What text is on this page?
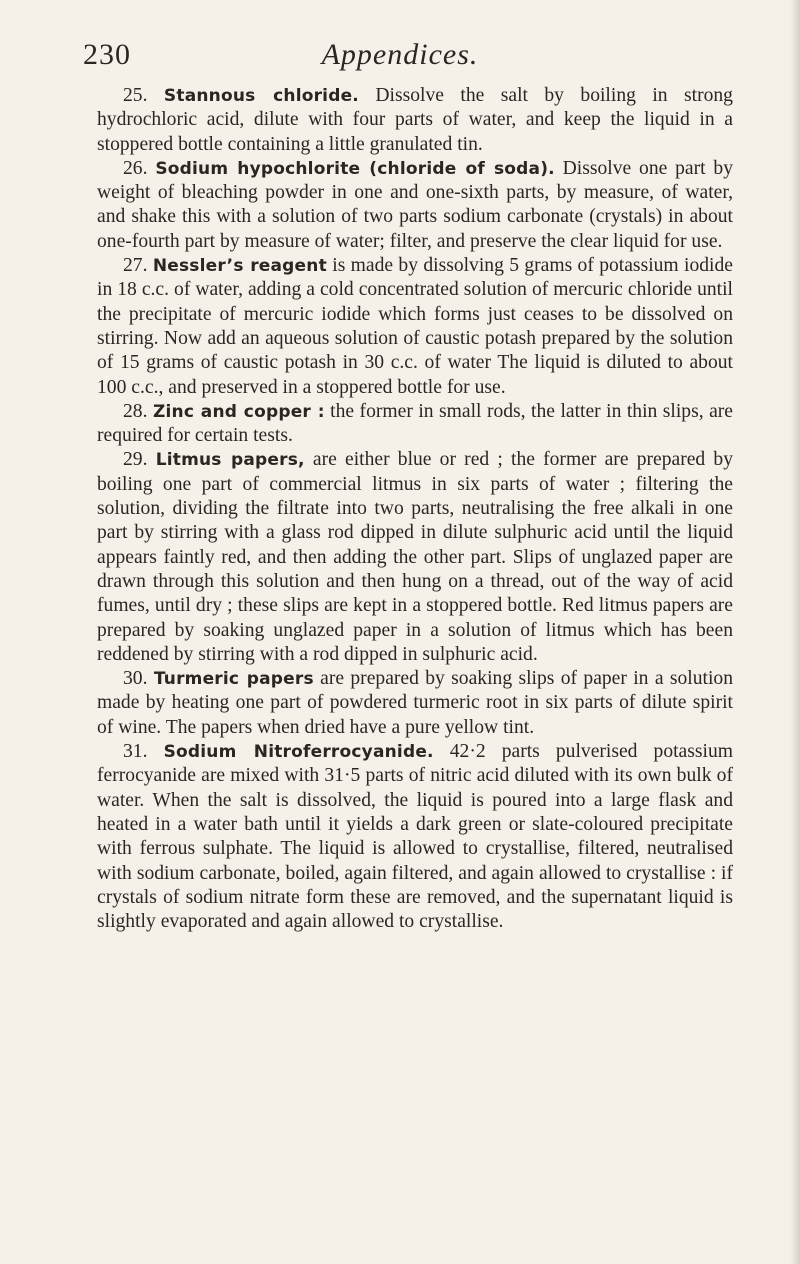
230	Appendices.

25. Stannous chloride. Dissolve the salt by boiling in strong hydrochloric acid, dilute with four parts of water, and keep the liquid in a stoppered bottle containing a little granulated tin.

26. Sodium hypochlorite (chloride of soda). Dissolve one part by weight of bleaching powder in one and one-sixth parts, by measure, of water, and shake this with a solution of two parts sodium carbonate (crystals) in about one-fourth part by measure of water; filter, and preserve the clear liquid for use.

27. Nessler’s reagent is made by dissolving 5 grams of potassium iodide in 18 c.c. of water, adding a cold concentrated solution of mercuric chloride until the precipitate of mercuric iodide which forms just ceases to be dissolved on stirring. Now add an aqueous solution of caustic potash prepared by the solution of 15 grams of caustic potash in 30 c.c. of water The liquid is diluted to about 100 c.c., and preserved in a stoppered bottle for use.

28. Zinc and copper : the former in small rods, the latter in thin slips, are required for certain tests.

29. Litmus papers, are either blue or red ; the former are prepared by boiling one part of commercial litmus in six parts of water ; filtering the solution, dividing the filtrate into two parts, neutralising the free alkali in one part by stirring with a glass rod dipped in dilute sulphuric acid until the liquid appears faintly red, and then adding the other part. Slips of unglazed paper are drawn through this solution and then hung on a thread, out of the way of acid fumes, until dry ; these slips are kept in a stoppered bottle. Red litmus papers are prepared by soaking unglazed paper in a solution of litmus which has been reddened by stirring with a rod dipped in sulphuric acid.

30. Turmeric papers are prepared by soaking slips of paper in a solution made by heating one part of powdered turmeric root in six parts of dilute spirit of wine. The papers when dried have a pure yellow tint.

31. Sodium Nitroferrocyanide. 42·2 parts pulverised potassium ferrocyanide are mixed with 31·5 parts of nitric acid diluted with its own bulk of water. When the salt is dissolved, the liquid is poured into a large flask and heated in a water bath until it yields a dark green or slate-coloured precipitate with ferrous sulphate. The liquid is allowed to crystallise, filtered, neutralised with sodium carbonate, boiled, again filtered, and again allowed to crystallise : if crystals of sodium nitrate form these are removed, and the supernatant liquid is slightly evaporated and again allowed to crystallise.
